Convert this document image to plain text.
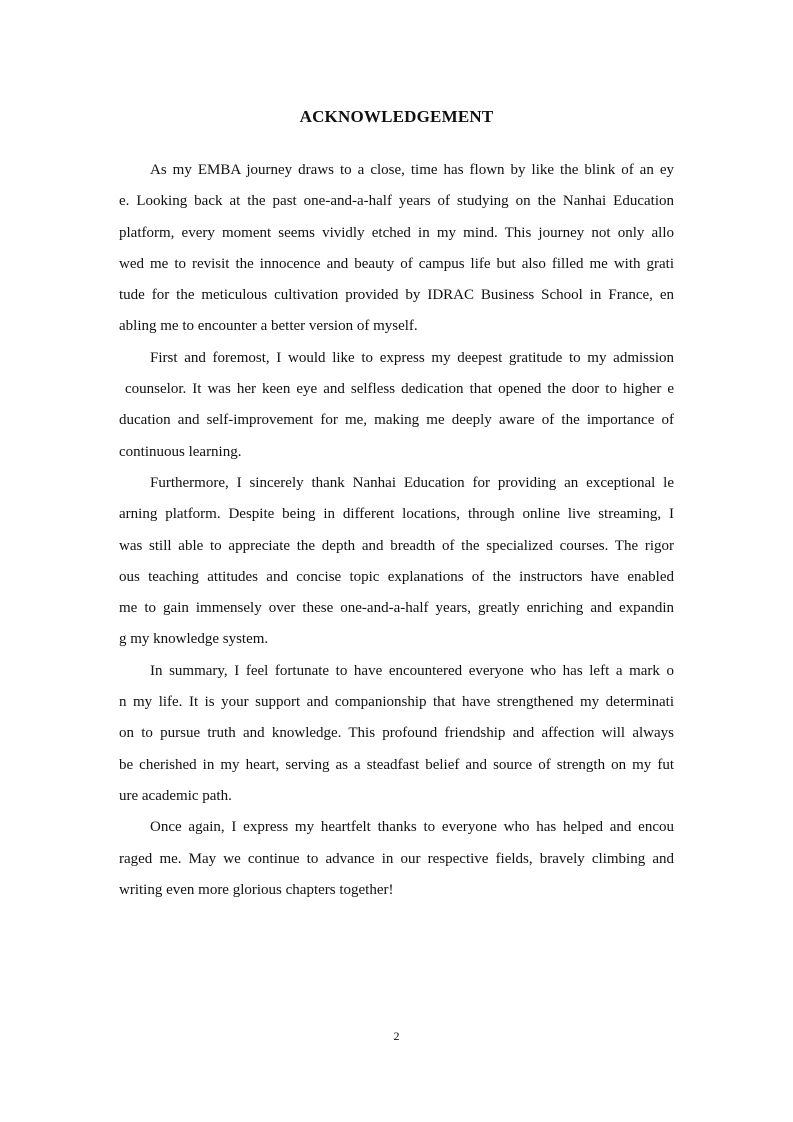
ACKNOWLEDGEMENT
As my EMBA journey draws to a close, time has flown by like the blink of an ey
e. Looking back at the past one-and-a-half years of studying on the Nanhai Education
platform, every moment seems vividly etched in my mind. This journey not only allo
wed me to revisit the innocence and beauty of campus life but also filled me with grati
tude for the meticulous cultivation provided by IDRAC Business School in France, en
abling me to encounter a better version of myself.
First and foremost, I would like to express my deepest gratitude to my admission
counselor. It was her keen eye and selfless dedication that opened the door to higher e
ducation and self-improvement for me, making me deeply aware of the importance of
continuous learning.
Furthermore, I sincerely thank Nanhai Education for providing an exceptional le
arning platform. Despite being in different locations, through online live streaming, I
was still able to appreciate the depth and breadth of the specialized courses. The rigor
ous teaching attitudes and concise topic explanations of the instructors have enabled
me to gain immensely over these one-and-a-half years, greatly enriching and expandin
g my knowledge system.
In summary, I feel fortunate to have encountered everyone who has left a mark o
n my life. It is your support and companionship that have strengthened my determinati
on to pursue truth and knowledge. This profound friendship and affection will always
be cherished in my heart, serving as a steadfast belief and source of strength on my fut
ure academic path.
Once again, I express my heartfelt thanks to everyone who has helped and encou
raged me. May we continue to advance in our respective fields, bravely climbing and
writing even more glorious chapters together!
2
